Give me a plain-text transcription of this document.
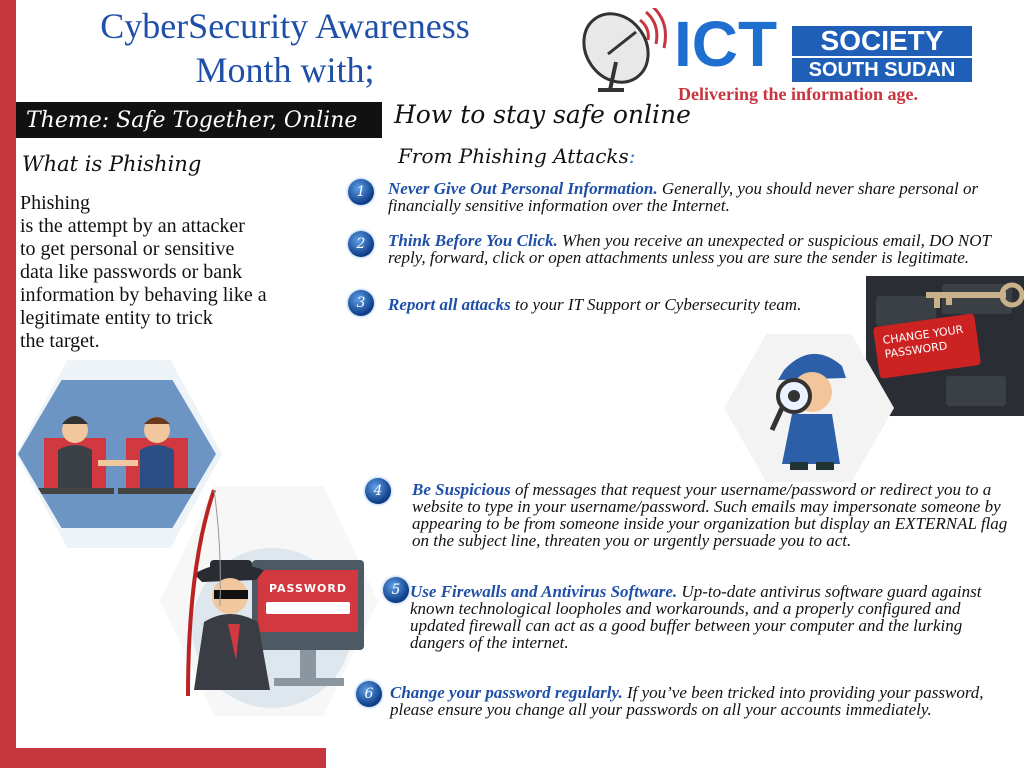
CyberSecurity Awareness
Month with;	ICT	SOCIETY
SOUTH SUDAN
Delivering the information age.
Theme: Safe Together, Online	How to stay safe online
From Phishing Attacks:
What is Phishing
Phishing
is the attempt by an attacker
to get personal or sensitive
data like passwords or bank
information by behaving like a
legitimate entity to trick
the target.
1	Never Give Out Personal Information. Generally, you should never share personal or financially sensitive information over the Internet.
2	Think Before You Click. When you receive an unexpected or suspicious email, DO NOT reply, forward, click or open attachments unless you are sure the sender is legitimate.
3	Report all attacks to your IT Support or Cybersecurity team.
CHANGE YOUR PASSWORD
PASSWORD
4	Be Suspicious of messages that request your username/password or redirect you to a website to type in your username/password. Such emails may impersonate someone by appearing to be from someone inside your organization but display an EXTERNAL flag on the subject line, threaten you or urgently persuade you to act.
5 Use Firewalls and Antivirus Software. Up-to-date antivirus software guard against known technological loopholes and workarounds, and a properly configured and updated firewall can act as a good buffer between your computer and the lurking dangers of the internet.
6 Change your password regularly. If you’ve been tricked into providing your password, please ensure you change all your passwords on all your accounts immediately.
